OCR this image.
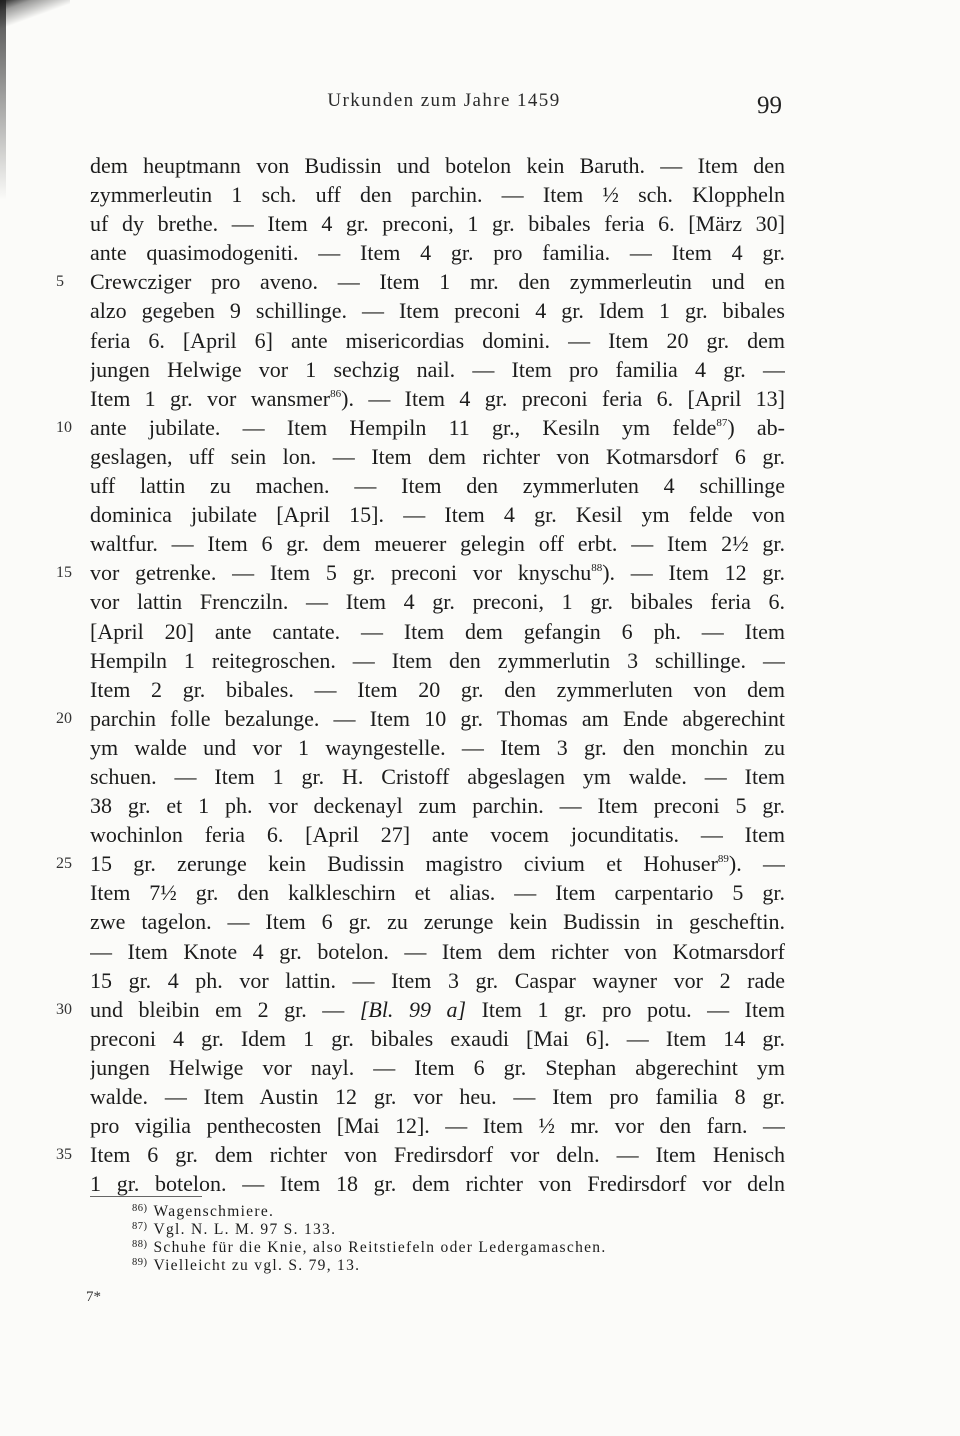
Urkunden zum Jahre 1459	99
5
10
15
20
25
30
35
dem heuptmann von Budissin und botelon kein Baruth. — Item den
zymmerleutin 1 sch. uff den parchin. — Item ½ sch. Kloppheln
uf dy brethe. — Item 4 gr. preconi, 1 gr. bibales feria 6. [März 30]
ante quasimodogeniti. — Item 4 gr. pro familia. — Item 4 gr.
Crewcziger pro aveno. — Item 1 mr. den zymmerleutin und en
alzo gegeben 9 schillinge. — Item preconi 4 gr. Idem 1 gr. bibales
feria 6. [April 6] ante misericordias domini. — Item 20 gr. dem
jungen Helwige vor 1 sechzig nail. — Item pro familia 4 gr. —
Item 1 gr. vor wansmer$^{86}$). — Item 4 gr. preconi feria 6. [April 13]
ante jubilate. — Item Hempiln 11 gr., Kesiln ym felde$^{87}$) ab-
geslagen, uff sein lon. — Item dem richter von Kotmarsdorf 6 gr.
uff lattin zu machen. — Item den zymmerluten 4 schillinge
dominica jubilate [April 15]. — Item 4 gr. Kesil ym felde von
waltfur. — Item 6 gr. dem meuerer gelegin off erbt. — Item 2½ gr.
vor getrenke. — Item 5 gr. preconi vor knyschu$^{88}$). — Item 12 gr.
vor lattin Frencziln. — Item 4 gr. preconi, 1 gr. bibales feria 6.
[April 20] ante cantate. — Item dem gefangin 6 ph. — Item
Hempiln 1 reitegroschen. — Item den zymmerlutin 3 schillinge. —
Item 2 gr. bibales. — Item 20 gr. den zymmerluten von dem
parchin folle bezalunge. — Item 10 gr. Thomas am Ende abgerechint
ym walde und vor 1 wayngestelle. — Item 3 gr. den monchin zu
schuen. — Item 1 gr. H. Cristoff abgeslagen ym walde. — Item
38 gr. et 1 ph. vor deckenayl zum parchin. — Item preconi 5 gr.
wochinlon feria 6. [April 27] ante vocem jocunditatis. — Item
15 gr. zerunge kein Budissin magistro civium et Hohuser$^{89}$). —
Item 7½ gr. den kalkleschirn et alias. — Item carpentario 5 gr.
zwe tagelon. — Item 6 gr. zu zerunge kein Budissin in gescheftin.
— Item Knote 4 gr. botelon. — Item dem richter von Kotmarsdorf
15 gr. 4 ph. vor lattin. — Item 3 gr. Caspar wayner vor 2 rade
und bleibin em 2 gr. — [Bl. 99 a] Item 1 gr. pro potu. — Item
preconi 4 gr. Idem 1 gr. bibales exaudi [Mai 6]. — Item 14 gr.
jungen Helwige vor nayl. — Item 6 gr. Stephan abgerechint ym
walde. — Item Austin 12 gr. vor heu. — Item pro familia 8 gr.
pro vigilia penthecosten [Mai 12]. — Item ½ mr. vor den farn. —
Item 6 gr. dem richter von Fredirsdorf vor deln. — Item Henisch
1 gr. botelon. — Item 18 gr. dem richter von Fredirsdorf vor deln
$^{86)}$ Wagenschmiere.
$^{87)}$ Vgl. N. L. M. 97 S. 133.
$^{88)}$ Schuhe für die Knie, also Reitstiefeln oder Ledergamaschen.
$^{89)}$ Vielleicht zu vgl. S. 79, 13.
7*
